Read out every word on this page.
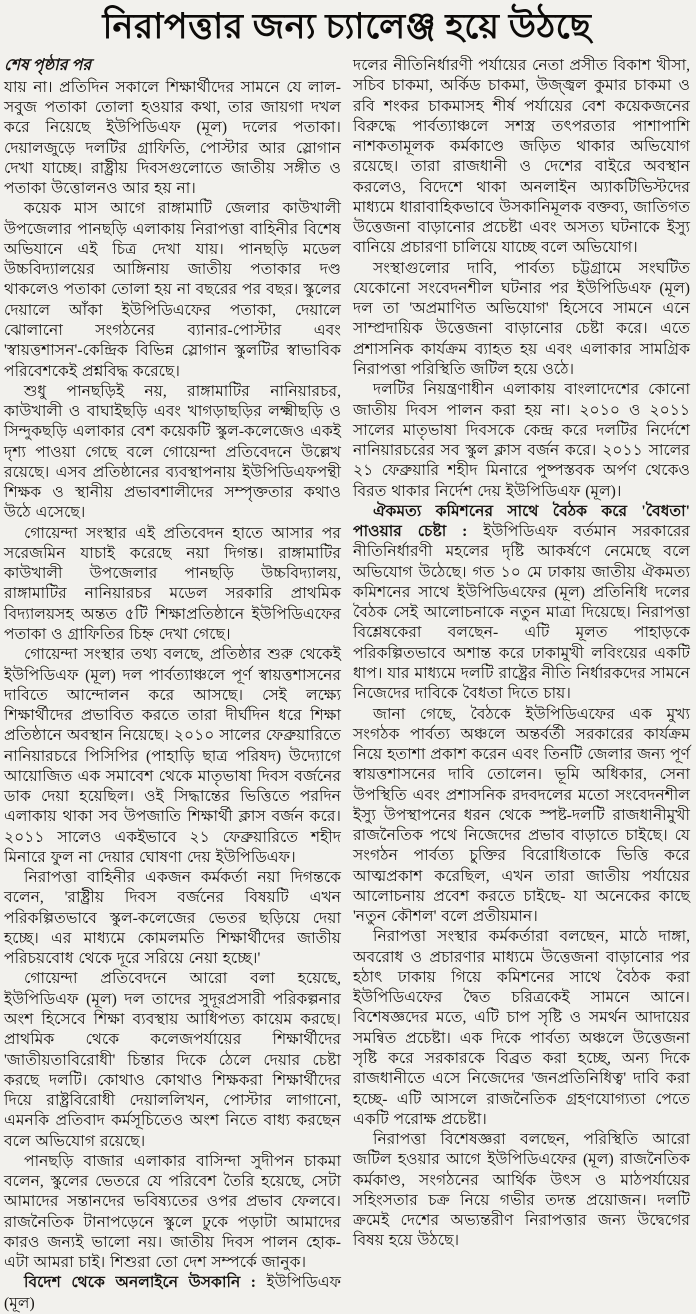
নিরাপত্তার জন্য চ্যালেঞ্জ হয়ে উঠছে

শেষ পৃষ্ঠার পর

যায় না। প্রতিদিন সকালে শিক্ষার্থীদের সামনে যে লাল-সবুজ পতাকা তোলা হওয়ার কথা, তার জায়গা দখল করে নিয়েছে ইউপিডিএফ (মূল) দলের পতাকা। দেয়ালজুড়ে দলটির গ্রাফিতি, পোস্টার আর স্লোগান দেখা যাচ্ছে। রাষ্ট্রীয় দিবসগুলোতে জাতীয় সঙ্গীত ও পতাকা উত্তোলনও আর হয় না।

কয়েক মাস আগে রাঙ্গামাটি জেলার কাউখালী উপজেলার পানছড়ি এলাকায় নিরাপত্তা বাহিনীর বিশেষ অভিযানে এই চিত্র দেখা যায়। পানছড়ি মডেল উচ্চবিদ্যালয়ের আঙ্গিনায় জাতীয় পতাকার দণ্ড থাকলেও পতাকা তোলা হয় না বছরের পর বছর। স্কুলের দেয়ালে আঁকা ইউপিডিএফের পতাকা, দেয়ালে ঝোলানো সংগঠনের ব্যানার-পোস্টার এবং 'স্বায়ত্তশাসন'-কেন্দ্রিক বিভিন্ন স্লোগান স্কুলটির স্বাভাবিক পরিবেশকেই প্রশ্নবিদ্ধ করেছে।

শুধু পানছড়িই নয়, রাঙ্গামাটির নানিয়ারচর, কাউখালী ও বাঘাইছড়ি এবং খাগড়াছড়ির লক্ষ্মীছড়ি ও সিন্দুকছড়ি এলাকার বেশ কয়েকটি স্কুল-কলেজেও একই দৃশ্য পাওয়া গেছে বলে গোয়েন্দা প্রতিবেদনে উল্লেখ রয়েছে। এসব প্রতিষ্ঠানের ব্যবস্থাপনায় ইউপিডিএফপন্থী শিক্ষক ও স্থানীয় প্রভাবশালীদের সম্পৃক্ততার কথাও উঠে এসেছে।

গোয়েন্দা সংস্থার এই প্রতিবেদন হাতে আসার পর সরেজমিন যাচাই করেছে নয়া দিগন্ত। রাঙ্গামাটির কাউখালী উপজেলার পানছড়ি উচ্চবিদ্যালয়, রাঙ্গামাটির নানিয়ারচর মডেল সরকারি প্রাথমিক বিদ্যালয়সহ অন্তত ৫টি শিক্ষাপ্রতিষ্ঠানে ইউপিডিএফের পতাকা ও গ্রাফিতির চিহ্ন দেখা গেছে।

গোয়েন্দা সংস্থার তথ্য বলছে, প্রতিষ্ঠার শুরু থেকেই ইউপিডিএফ (মূল) দল পার্বত্যাঞ্চলে পূর্ণ স্বায়ত্তশাসনের দাবিতে আন্দোলন করে আসছে। সেই লক্ষ্যে শিক্ষার্থীদের প্রভাবিত করতে তারা দীর্ঘদিন ধরে শিক্ষা প্রতিষ্ঠানে অবস্থান নিয়েছে। ২০১০ সালের ফেব্রুয়ারিতে নানিয়ারচরে পিসিপির (পাহাড়ি ছাত্র পরিষদ) উদ্যোগে আয়োজিত এক সমাবেশ থেকে মাতৃভাষা দিবস বর্জনের ডাক দেয়া হয়েছিল। ওই সিদ্ধান্তের ভিত্তিতে পরদিন এলাকায় থাকা সব উপজাতি শিক্ষার্থী ক্লাস বর্জন করে। ২০১১ সালেও একইভাবে ২১ ফেব্রুয়ারিতে শহীদ মিনারে ফুল না দেয়ার ঘোষণা দেয় ইউপিডিএফ।

নিরাপত্তা বাহিনীর একজন কর্মকর্তা নয়া দিগন্তকে বলেন, 'রাষ্ট্রীয় দিবস বর্জনের বিষয়টি এখন পরিকল্পিতভাবে স্কুল-কলেজের ভেতর ছড়িয়ে দেয়া হচ্ছে। এর মাধ্যমে কোমলমতি শিক্ষার্থীদের জাতীয় পরিচয়বোধ থেকে দূরে সরিয়ে নেয়া হচ্ছে।'

গোয়েন্দা প্রতিবেদনে আরো বলা হয়েছে, ইউপিডিএফ (মূল) দল তাদের সুদূরপ্রসারী পরিকল্পনার অংশ হিসেবে শিক্ষা ব্যবস্থায় আধিপত্য কায়েম করছে। প্রাথমিক থেকে কলেজপর্যায়ের শিক্ষার্থীদের 'জাতীয়তাবিরোধী' চিন্তার দিকে ঠেলে দেয়ার চেষ্টা করছে দলটি। কোথাও কোথাও শিক্ষকরা শিক্ষার্থীদের দিয়ে রাষ্ট্রবিরোধী দেয়াললিখন, পোস্টার লাগানো, এমনকি প্রতিবাদ কর্মসূচিতেও অংশ নিতে বাধ্য করছেন বলে অভিযোগ রয়েছে।

পানছড়ি বাজার এলাকার বাসিন্দা সুদীপন চাকমা বলেন, স্কুলের ভেতরে যে পরিবেশ তৈরি হয়েছে, সেটা আমাদের সন্তানদের ভবিষ্যতের ওপর প্রভাব ফেলবে। রাজনৈতিক টানাপড়েনে স্কুলে ঢুকে পড়াটা আমাদের কারও জন্যই ভালো নয়। জাতীয় দিবস পালন হোক-এটা আমরা চাই। শিশুরা তো দেশ সম্পর্কে জানুক।

বিদেশ থেকে অনলাইনে উসকানি : ইউপিডিএফ (মূল)

দলের নীতিনির্ধারণী পর্যায়ের নেতা প্রসীত বিকাশ খীসা, সচিব চাকমা, অর্কিড চাকমা, উজ্জ্বল কুমার চাকমা ও রবি শংকর চাকমাসহ শীর্ষ পর্যায়ের বেশ কয়েকজনের বিরুদ্ধে পার্বত্যাঞ্চলে সশস্ত্র তৎপরতার পাশাপাশি নাশকতামূলক কর্মকাণ্ডে জড়িত থাকার অভিযোগ রয়েছে। তারা রাজধানী ও দেশের বাইরে অবস্থান করলেও, বিদেশে থাকা অনলাইন অ্যাকটিভিস্টদের মাধ্যমে ধারাবাহিকভাবে উসকানিমূলক বক্তব্য, জাতিগত উত্তেজনা বাড়ানোর প্রচেষ্টা এবং অসত্য ঘটনাকে ইস্যু বানিয়ে প্রচারণা চালিয়ে যাচ্ছে বলে অভিযোগ।

সংস্থাগুলোর দাবি, পার্বত্য চট্টগ্রামে সংঘটিত যেকোনো সংবেদনশীল ঘটনার পর ইউপিডিএফ (মূল) দল তা 'অপ্রমাণিত অভিযোগ' হিসেবে সামনে এনে সাম্প্রদায়িক উত্তেজনা বাড়ানোর চেষ্টা করে। এতে প্রশাসনিক কার্যক্রম ব্যাহত হয় এবং এলাকার সামগ্রিক নিরাপত্তা পরিস্থিতি জটিল হয়ে ওঠে।

দলটির নিয়ন্ত্রণাধীন এলাকায় বাংলাদেশের কোনো জাতীয় দিবস পালন করা হয় না। ২০১০ ও ২০১১ সালের মাতৃভাষা দিবসকে কেন্দ্র করে দলটির নির্দেশে নানিয়ারচরের সব স্কুল ক্লাস বর্জন করে। ২০১১ সালের ২১ ফেব্রুয়ারি শহীদ মিনারে পুষ্পস্তবক অর্পণ থেকেও বিরত থাকার নির্দেশ দেয় ইউপিডিএফ (মূল)।

ঐকমত্য কমিশনের সাথে বৈঠক করে 'বৈধতা' পাওয়ার চেষ্টা : ইউপিডিএফ বর্তমান সরকারের নীতিনির্ধারণী মহলের দৃষ্টি আকর্ষণে নেমেছে বলে অভিযোগ উঠেছে। গত ১০ মে ঢাকায় জাতীয় ঐকমত্য কমিশনের সাথে ইউপিডিএফের (মূল) প্রতিনিধি দলের বৈঠক সেই আলোচনাকে নতুন মাত্রা দিয়েছে। নিরাপত্তা বিশ্লেষকেরা বলছেন- এটি মূলত পাহাড়কে পরিকল্পিতভাবে অশান্ত করে ঢাকামুখী লবিংয়ের একটি ধাপ। যার মাধ্যমে দলটি রাষ্ট্রের নীতি নির্ধারকদের সামনে নিজেদের দাবিকে বৈধতা দিতে চায়।

জানা গেছে, বৈঠকে ইউপিডিএফের এক মুখ্য সংগঠক পার্বত্য অঞ্চলে অন্তর্বর্তী সরকারের কার্যক্রম নিয়ে হতাশা প্রকাশ করেন এবং তিনটি জেলার জন্য পূর্ণ স্বায়ত্তশাসনের দাবি তোলেন। ভূমি অধিকার, সেনা উপস্থিতি এবং প্রশাসনিক রদবদলের মতো সংবেদনশীল ইস্যু উপস্থাপনের ধরন থেকে স্পষ্ট-দলটি রাজধানীমুখী রাজনৈতিক পথে নিজেদের প্রভাব বাড়াতে চাইছে। যে সংগঠন পার্বত্য চুক্তির বিরোধিতাকে ভিত্তি করে আত্মপ্রকাশ করেছিল, এখন তারা জাতীয় পর্যায়ের আলোচনায় প্রবেশ করতে চাইছে- যা অনেকের কাছে 'নতুন কৌশল' বলে প্রতীয়মান।

নিরাপত্তা সংস্থার কর্মকর্তারা বলছেন, মাঠে দাঙ্গা, অবরোধ ও প্রচারণার মাধ্যমে উত্তেজনা বাড়ানোর পর হঠাৎ ঢাকায় গিয়ে কমিশনের সাথে বৈঠক করা ইউপিডিএফের দ্বৈত চরিত্রকেই সামনে আনে। বিশেষজ্ঞদের মতে, এটি চাপ সৃষ্টি ও সমর্থন আদায়ের সমন্বিত প্রচেষ্টা। এক দিকে পার্বত্য অঞ্চলে উত্তেজনা সৃষ্টি করে সরকারকে বিব্রত করা হচ্ছে, অন্য দিকে রাজধানীতে এসে নিজেদের 'জনপ্রতিনিধিত্ব' দাবি করা হচ্ছে- এটি আসলে রাজনৈতিক গ্রহণযোগ্যতা পেতে একটি পরোক্ষ প্রচেষ্টা।

নিরাপত্তা বিশেষজ্ঞরা বলছেন, পরিস্থিতি আরো জটিল হওয়ার আগে ইউপিডিএফের (মূল) রাজনৈতিক কর্মকাণ্ড, সংগঠনের আর্থিক উৎস ও মাঠপর্যায়ের সহিংসতার চক্র নিয়ে গভীর তদন্ত প্রয়োজন। দলটি ক্রমেই দেশের অভ্যন্তরীণ নিরাপত্তার জন্য উদ্বেগের বিষয় হয়ে উঠছে।
